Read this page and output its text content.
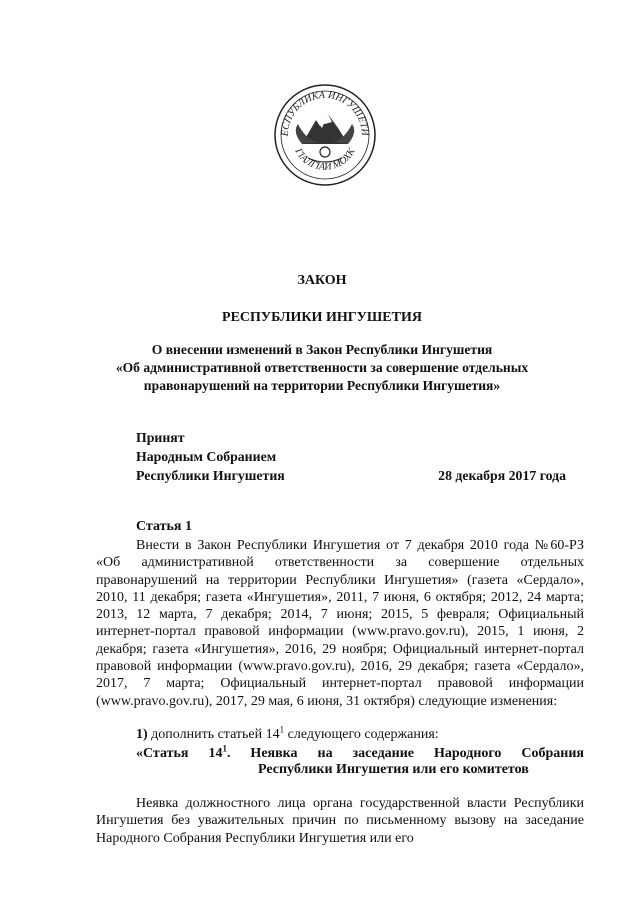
ЕСПУБЛИКА ИНГУШЕТИ
ГIАЛГIАЙ МОХК
ЗАКОН
РЕСПУБЛИКИ ИНГУШЕТИЯ
О внесении изменений в Закон Республики Ингушетия
«Об административной ответственности за совершение отдельных
правонарушений на территории Республики Ингушетия»
Принят
Народным Собранием
Республики Ингушетия	28 декабря 2017 года
Статья 1
Внести в Закон Республики Ингушетия от 7 декабря 2010 года №60-РЗ «Об административной ответственности за совершение отдельных правонарушений на территории Республики Ингушетия» (газета «Сердало», 2010, 11 декабря; газета «Ингушетия», 2011, 7 июня, 6 октября; 2012, 24 марта; 2013, 12 марта, 7 декабря; 2014, 7 июня; 2015, 5 февраля; Официальный интернет-портал правовой информации (www.pravo.gov.ru), 2015, 1 июня, 2 декабря; газета «Ингушетия», 2016, 29 ноября; Официальный интернет-портал правовой информации (www.pravo.gov.ru), 2016, 29 декабря; газета «Сердало», 2017, 7 марта; Официальный интернет-портал правовой информации (www.pravo.gov.ru), 2017, 29 мая, 6 июня, 31 октября) следующие изменения:
1) дополнить статьей $14^1$ следующего содержания:
«Статья $14^1$. Неявка на заседание Народного Собрания
Республики Ингушетия или его комитетов
Неявка должностного лица органа государственной власти Республики Ингушетия без уважительных причин по письменному вызову на заседание Народного Собрания Республики Ингушетия или его
